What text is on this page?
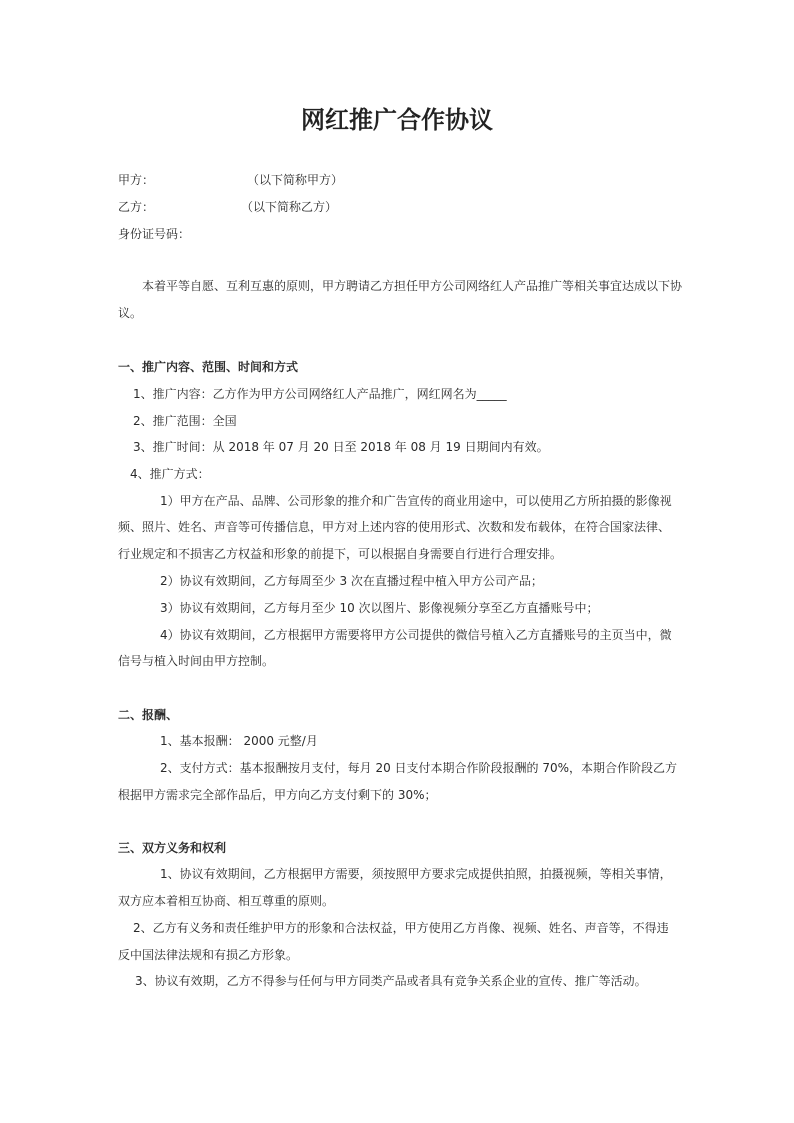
网红推广合作协议
甲方：	（以下简称甲方）
乙方：	（以下简称乙方）
身份证号码：
本着平等自愿、互利互惠的原则，甲方聘请乙方担任甲方公司网络红人产品推广等相关事宜达成以下协
议。
一、推广内容、范围、时间和方式
1、推广内容：乙方作为甲方公司网络红人产品推广，网红网名为_____
2、推广范围：全国
3、推广时间：从 2018 年 07 月 20 日至 2018 年 08 月 19 日期间内有效。
4、推广方式：
1）甲方在产品、品牌、公司形象的推介和广告宣传的商业用途中，可以使用乙方所拍摄的影像视
频、照片、姓名、声音等可传播信息，甲方对上述内容的使用形式、次数和发布载体，在符合国家法律、
行业规定和不损害乙方权益和形象的前提下，可以根据自身需要自行进行合理安排。
2）协议有效期间，乙方每周至少 3 次在直播过程中植入甲方公司产品；
3）协议有效期间，乙方每月至少 10 次以图片、影像视频分享至乙方直播账号中；
4）协议有效期间，乙方根据甲方需要将甲方公司提供的微信号植入乙方直播账号的主页当中，微
信号与植入时间由甲方控制。
二、报酬、
1、基本报酬： 2000 元整/月
2、支付方式：基本报酬按月支付，每月 20 日支付本期合作阶段报酬的 70%，本期合作阶段乙方
根据甲方需求完全部作品后，甲方向乙方支付剩下的 30%；
三、双方义务和权利
1、协议有效期间，乙方根据甲方需要，须按照甲方要求完成提供拍照，拍摄视频，等相关事情，
双方应本着相互协商、相互尊重的原则。
2、乙方有义务和责任维护甲方的形象和合法权益，甲方使用乙方肖像、视频、姓名、声音等，不得违
反中国法律法规和有损乙方形象。
3、协议有效期，乙方不得参与任何与甲方同类产品或者具有竞争关系企业的宣传、推广等活动。
